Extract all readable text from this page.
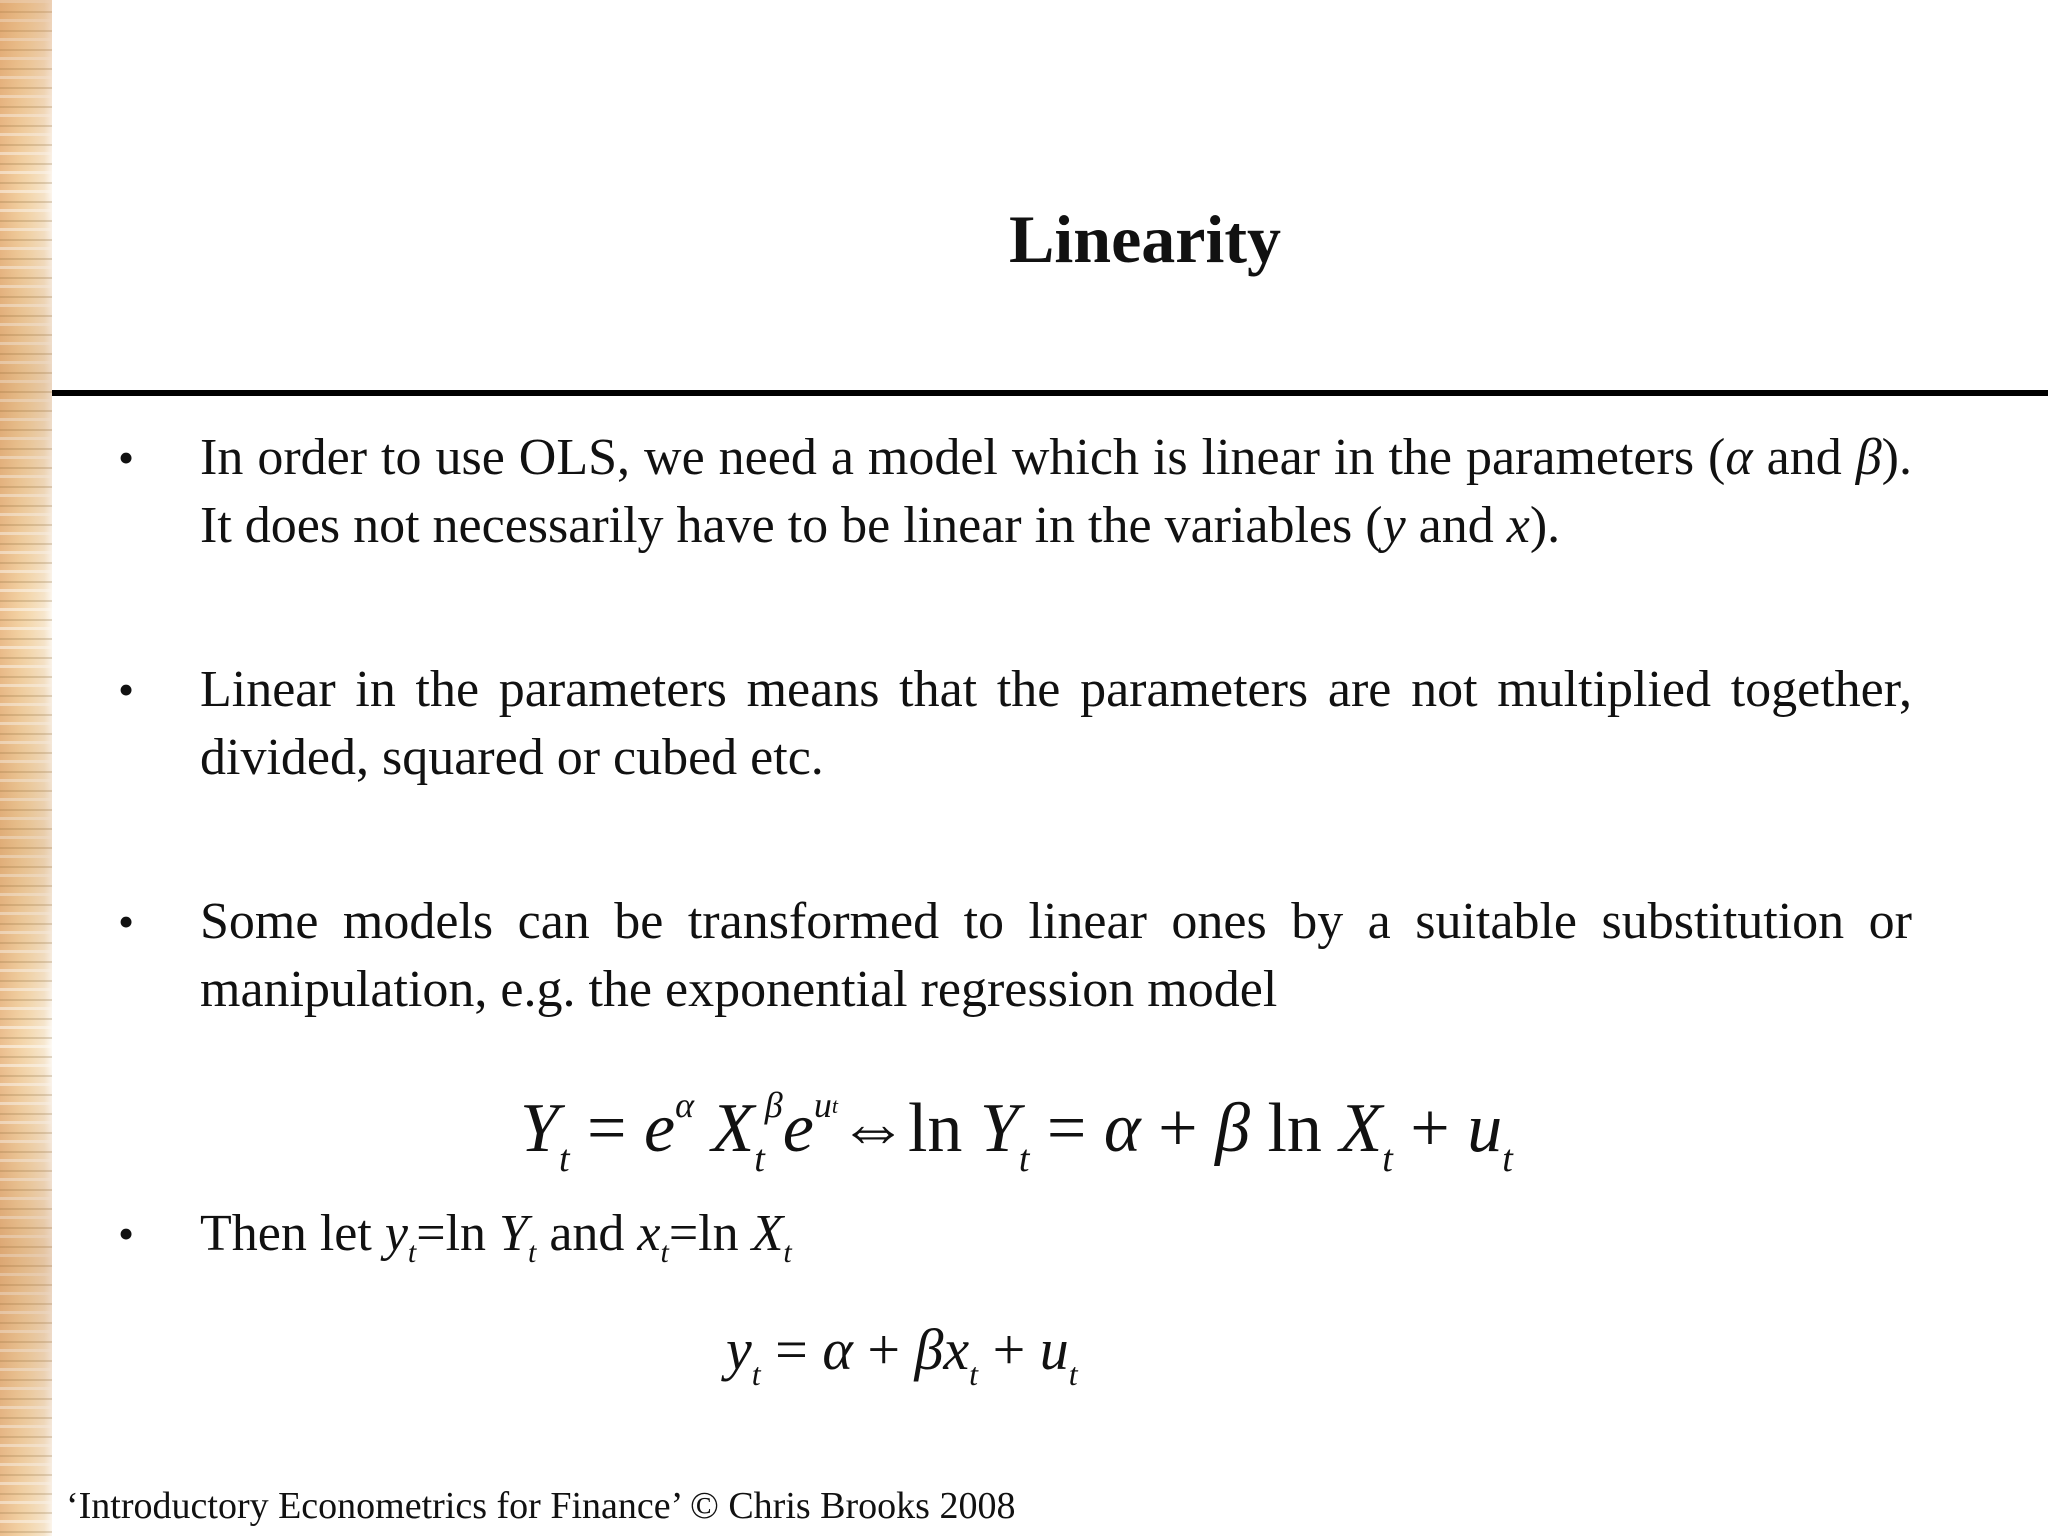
Linearity
• In order to use OLS, we need a model which is linear in the parameters (α and β). It does not necessarily have to be linear in the variables (y and x).
• Linear in the parameters means that the parameters are not multiplied together, divided, squared or cubed etc.
• Some models can be transformed to linear ones by a suitable substitution or manipulation, e.g. the exponential regression model
$Y_t = e^\alpha$ $X_t^\beta e^{ut}\Leftrightarrow\ln$ $Y_t = \alpha + \beta$ $\ln X_t + u_t$
• Then let $y_t=\ln$ $Y_t$ and $x_t=\ln$ $X_t$
$y_t = \alpha + \beta x_t + u_t$
‘Introductory Econometrics for Finance’ © Chris Brooks 2008
